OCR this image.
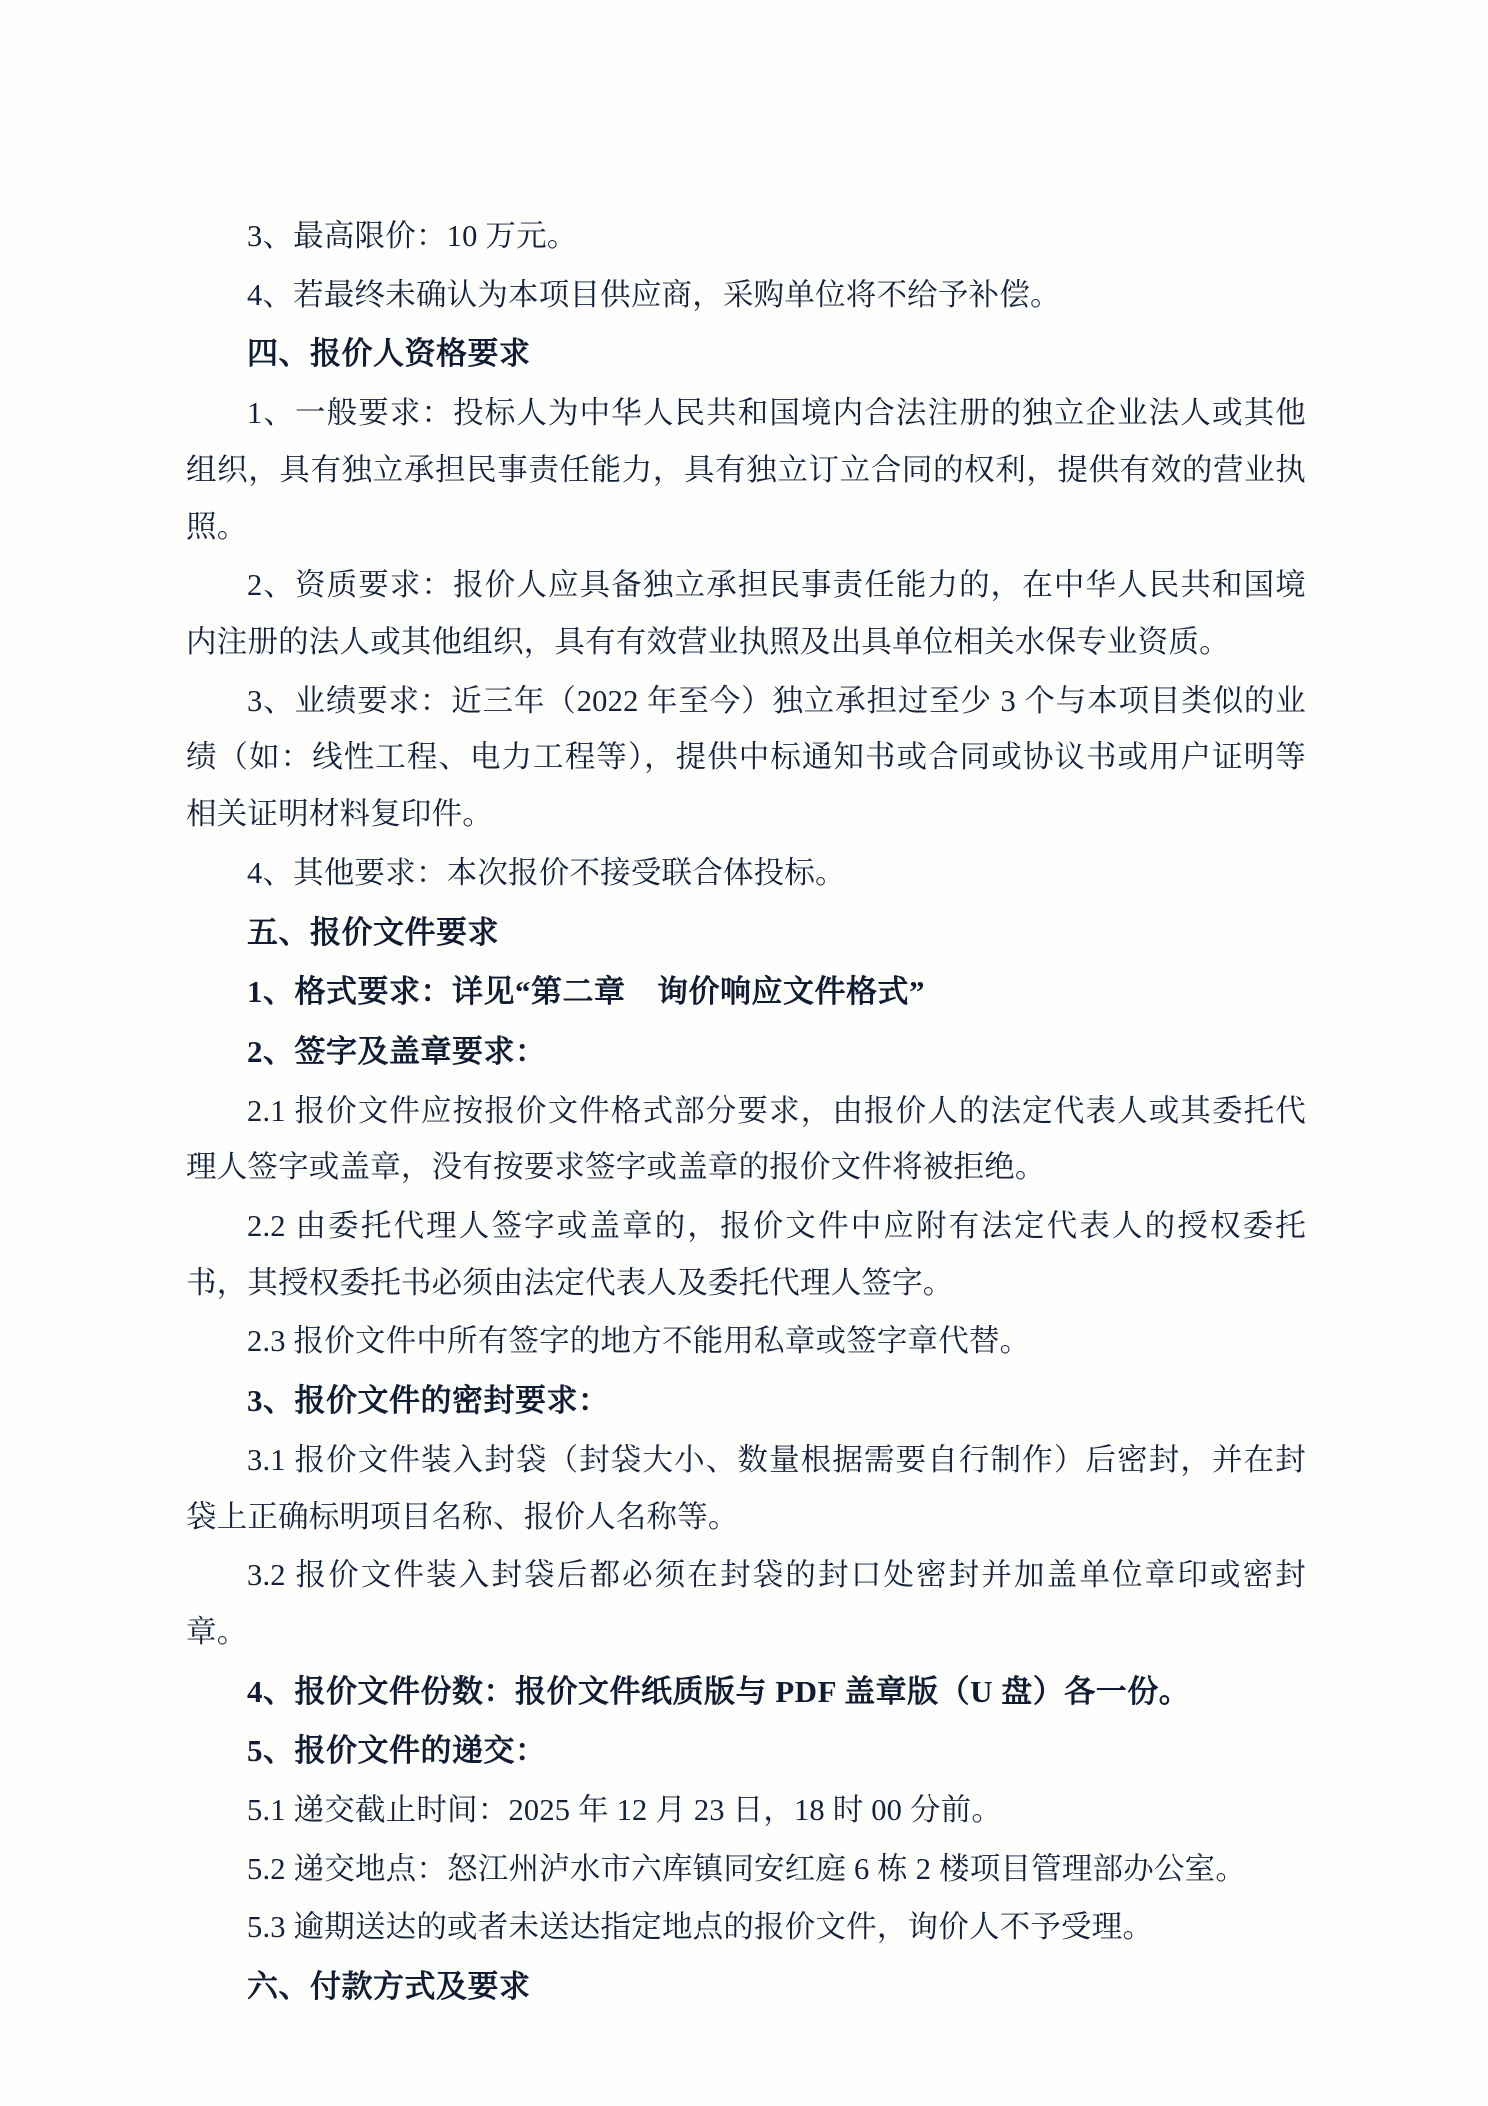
3、最高限价：10 万元。

4、若最终未确认为本项目供应商，采购单位将不给予补偿。

四、报价人资格要求

1、一般要求：投标人为中华人民共和国境内合法注册的独立企业法人或其他组织，具有独立承担民事责任能力，具有独立订立合同的权利，提供有效的营业执照。

2、资质要求：报价人应具备独立承担民事责任能力的，在中华人民共和国境内注册的法人或其他组织，具有有效营业执照及出具单位相关水保专业资质。

3、业绩要求：近三年（2022 年至今）独立承担过至少 3 个与本项目类似的业绩（如：线性工程、电力工程等），提供中标通知书或合同或协议书或用户证明等相关证明材料复印件。

4、其他要求：本次报价不接受联合体投标。

五、报价文件要求

1、格式要求：详见“第二章　询价响应文件格式”

2、签字及盖章要求：

2.1 报价文件应按报价文件格式部分要求，由报价人的法定代表人或其委托代理人签字或盖章，没有按要求签字或盖章的报价文件将被拒绝。

2.2 由委托代理人签字或盖章的，报价文件中应附有法定代表人的授权委托书，其授权委托书必须由法定代表人及委托代理人签字。

2.3 报价文件中所有签字的地方不能用私章或签字章代替。

3、报价文件的密封要求：

3.1 报价文件装入封袋（封袋大小、数量根据需要自行制作）后密封，并在封袋上正确标明项目名称、报价人名称等。

3.2 报价文件装入封袋后都必须在封袋的封口处密封并加盖单位章印或密封章。

4、报价文件份数：报价文件纸质版与 PDF 盖章版（U 盘）各一份。

5、报价文件的递交：

5.1 递交截止时间：2025 年 12 月 23 日，18 时 00 分前。

5.2 递交地点：怒江州泸水市六库镇同安红庭 6 栋 2 楼项目管理部办公室。

5.3 逾期送达的或者未送达指定地点的报价文件，询价人不予受理。

六、付款方式及要求
